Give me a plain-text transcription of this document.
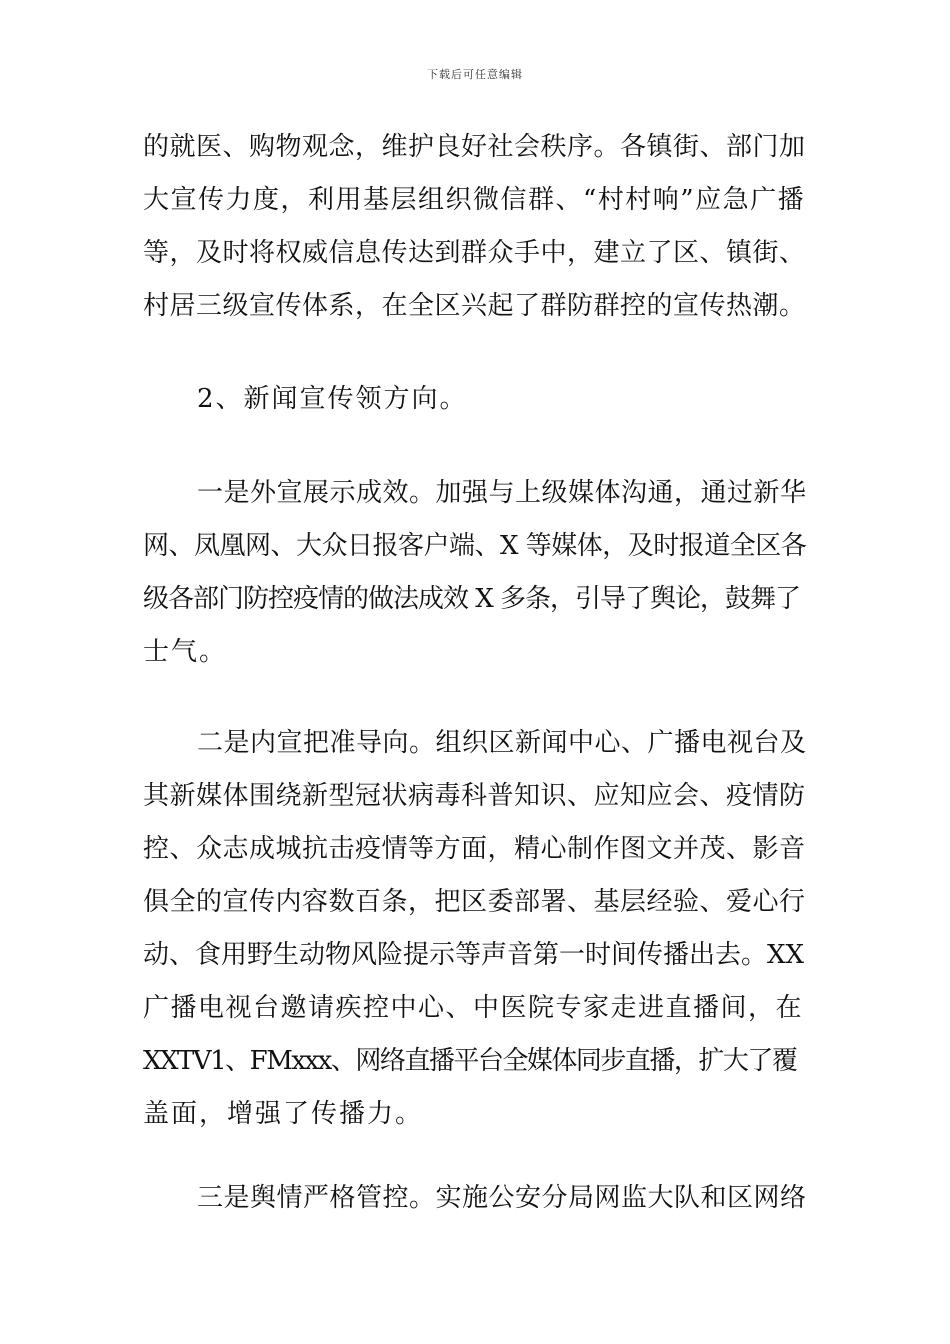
下载后可任意编辑
的就医、购物观念，维护良好社会秩序。各镇街、部门加
大宣传力度，利用基层组织微信群、“村村响”应急广播
等，及时将权威信息传达到群众手中，建立了区、镇街、
村居三级宣传体系，在全区兴起了群防群控的宣传热潮。
2、新闻宣传领方向。
一是外宣展示成效。加强与上级媒体沟通，通过新华
网、凤凰网、大众日报客户端、X 等媒体，及时报道全区各
级各部门防控疫情的做法成效 X 多条，引导了舆论，鼓舞了
士气。
二是内宣把准导向。组织区新闻中心、广播电视台及
其新媒体围绕新型冠状病毒科普知识、应知应会、疫情防
控、众志成城抗击疫情等方面，精心制作图文并茂、影音
俱全的宣传内容数百条，把区委部署、基层经验、爱心行
动、食用野生动物风险提示等声音第一时间传播出去。XX
广播电视台邀请疾控中心、中医院专家走进直播间，在
XXTV1、FMxxx、网络直播平台全媒体同步直播，扩大了覆
盖面，增强了传播力。
三是舆情严格管控。实施公安分局网监大队和区网络
